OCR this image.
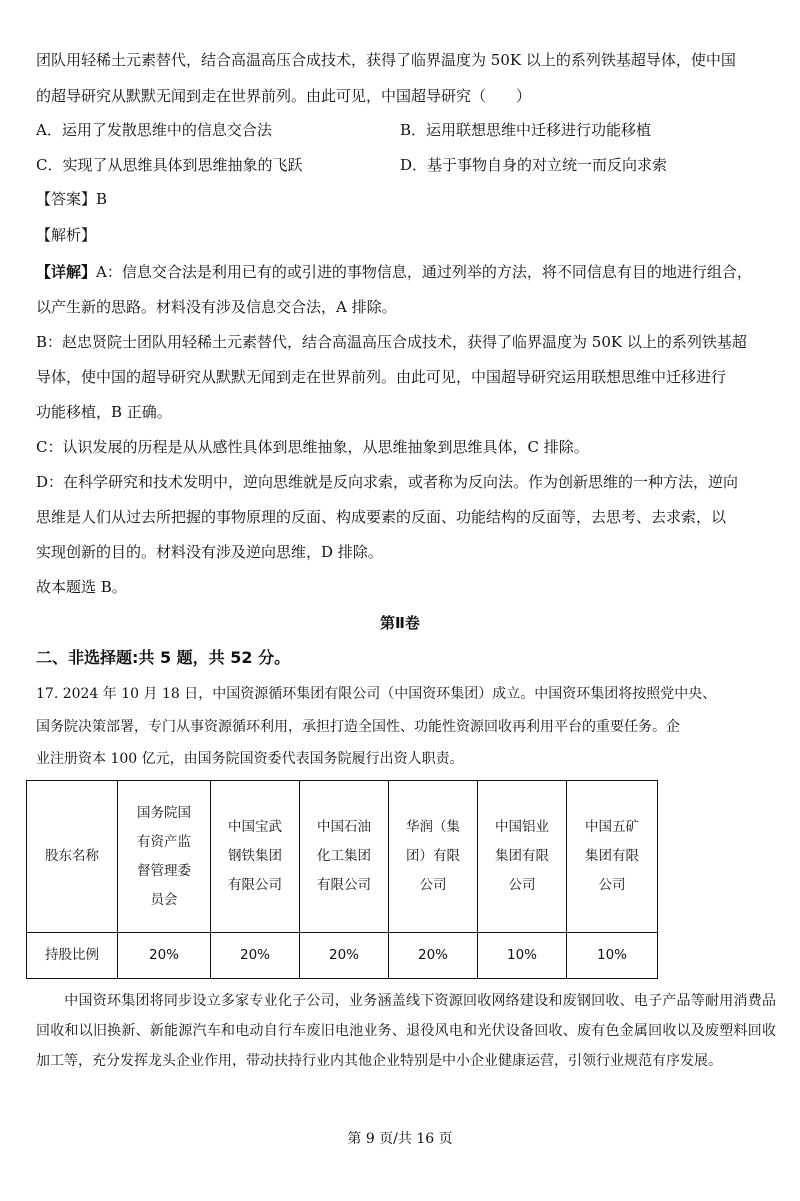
团队用轻稀土元素替代，结合高温高压合成技术，获得了临界温度为 50K 以上的系列铁基超导体，使中国
的超导研究从默默无闻到走在世界前列。由此可见，中国超导研究（　　）
A．运用了发散思维中的信息交合法	B．运用联想思维中迁移进行功能移植
C．实现了从思维具体到思维抽象的飞跃	D．基于事物自身的对立统一而反向求索
【答案】B
【解析】
【详解】A：信息交合法是利用已有的或引进的事物信息，通过列举的方法，将不同信息有目的地进行组合，
以产生新的思路。材料没有涉及信息交合法，A 排除。
B：赵忠贤院士团队用轻稀土元素替代，结合高温高压合成技术，获得了临界温度为 50K 以上的系列铁基超
导体，使中国的超导研究从默默无闻到走在世界前列。由此可见，中国超导研究运用联想思维中迁移进行
功能移植，B 正确。
C：认识发展的历程是从从感性具体到思维抽象，从思维抽象到思维具体，C 排除。
D：在科学研究和技术发明中，逆向思维就是反向求索，或者称为反向法。作为创新思维的一种方法，逆向
思维是人们从过去所把握的事物原理的反面、构成要素的反面、功能结构的反面等，去思考、去求索，以
实现创新的目的。材料没有涉及逆向思维，D 排除。
故本题选 B。
第Ⅱ卷
二、非选择题:共 5 题，共 52 分。
17. 2024 年 10 月 18 日，中国资源循环集团有限公司（中国资环集团）成立。中国资环集团将按照党中央、
国务院决策部署，专门从事资源循环利用，承担打造全国性、功能性资源回收再利用平台的重要任务。企
业注册资本 100 亿元，由国务院国资委代表国务院履行出资人职责。
股东名称	国务院国有资产监督管理委员会	中国宝武钢铁集团有限公司	中国石油化工集团有限公司	华润（集团）有限公司	中国铝业集团有限公司	中国五矿集团有限公司
持股比例	20%	20%	20%	20%	10%	10%
中国资环集团将同步设立多家专业化子公司，业务涵盖线下资源回收网络建设和废钢回收、电子产品等耐用消费品回收和以旧换新、新能源汽车和电动自行车废旧电池业务、退役风电和光伏设备回收、废有色金属回收以及废塑料回收加工等，充分发挥龙头企业作用，带动扶持行业内其他企业特别是中小企业健康运营，引领行业规范有序发展。
第 9 页/共 16 页
